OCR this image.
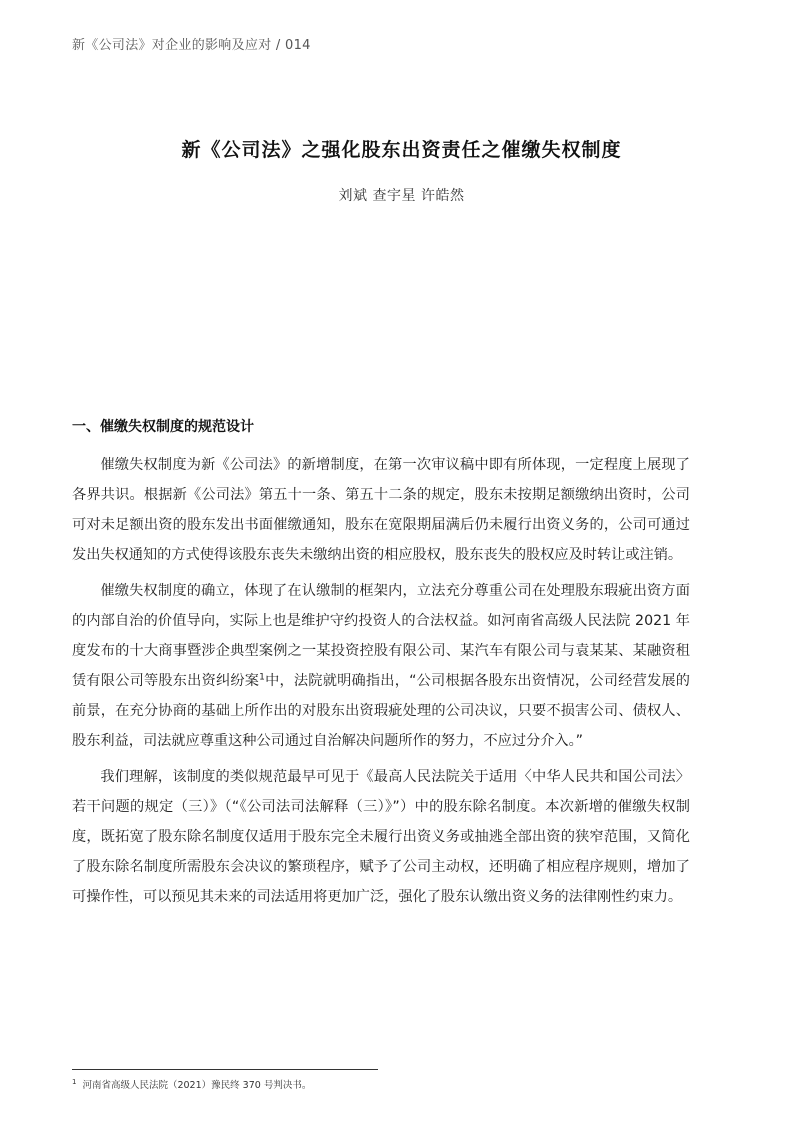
新《公司法》对企业的影响及应对 / 014
新《公司法》之强化股东出资责任之催缴失权制度
刘斌 查宇星 许皓然
一、催缴失权制度的规范设计

催缴失权制度为新《公司法》的新增制度，在第一次审议稿中即有所体现，一定程度上展现了各界共识。根据新《公司法》第五十一条、第五十二条的规定，股东未按期足额缴纳出资时，公司可对未足额出资的股东发出书面催缴通知，股东在宽限期届满后仍未履行出资义务的，公司可通过发出失权通知的方式使得该股东丧失未缴纳出资的相应股权，股东丧失的股权应及时转让或注销。

催缴失权制度的确立，体现了在认缴制的框架内，立法充分尊重公司在处理股东瑕疵出资方面的内部自治的价值导向，实际上也是维护守约投资人的合法权益。如河南省高级人民法院 2021 年度发布的十大商事暨涉企典型案例之一某投资控股有限公司、某汽车有限公司与袁某某、某融资租赁有限公司等股东出资纠纷案$^1$中，法院就明确指出，“公司根据各股东出资情况，公司经营发展的前景，在充分协商的基础上所作出的对股东出资瑕疵处理的公司决议，只要不损害公司、债权人、股东利益，司法就应尊重这种公司通过自治解决问题所作的努力，不应过分介入。”

我们理解，该制度的类似规范最早可见于《最高人民法院关于适用〈中华人民共和国公司法〉若干问题的规定（三）》（“《公司法司法解释（三）》”）中的股东除名制度。本次新增的催缴失权制度，既拓宽了股东除名制度仅适用于股东完全未履行出资义务或抽逃全部出资的狭窄范围，又简化了股东除名制度所需股东会决议的繁琐程序，赋予了公司主动权，还明确了相应程序规则，增加了可操作性，可以预见其未来的司法适用将更加广泛，强化了股东认缴出资义务的法律刚性约束力。

$^1$ 河南省高级人民法院（2021）豫民终 370 号判决书。
